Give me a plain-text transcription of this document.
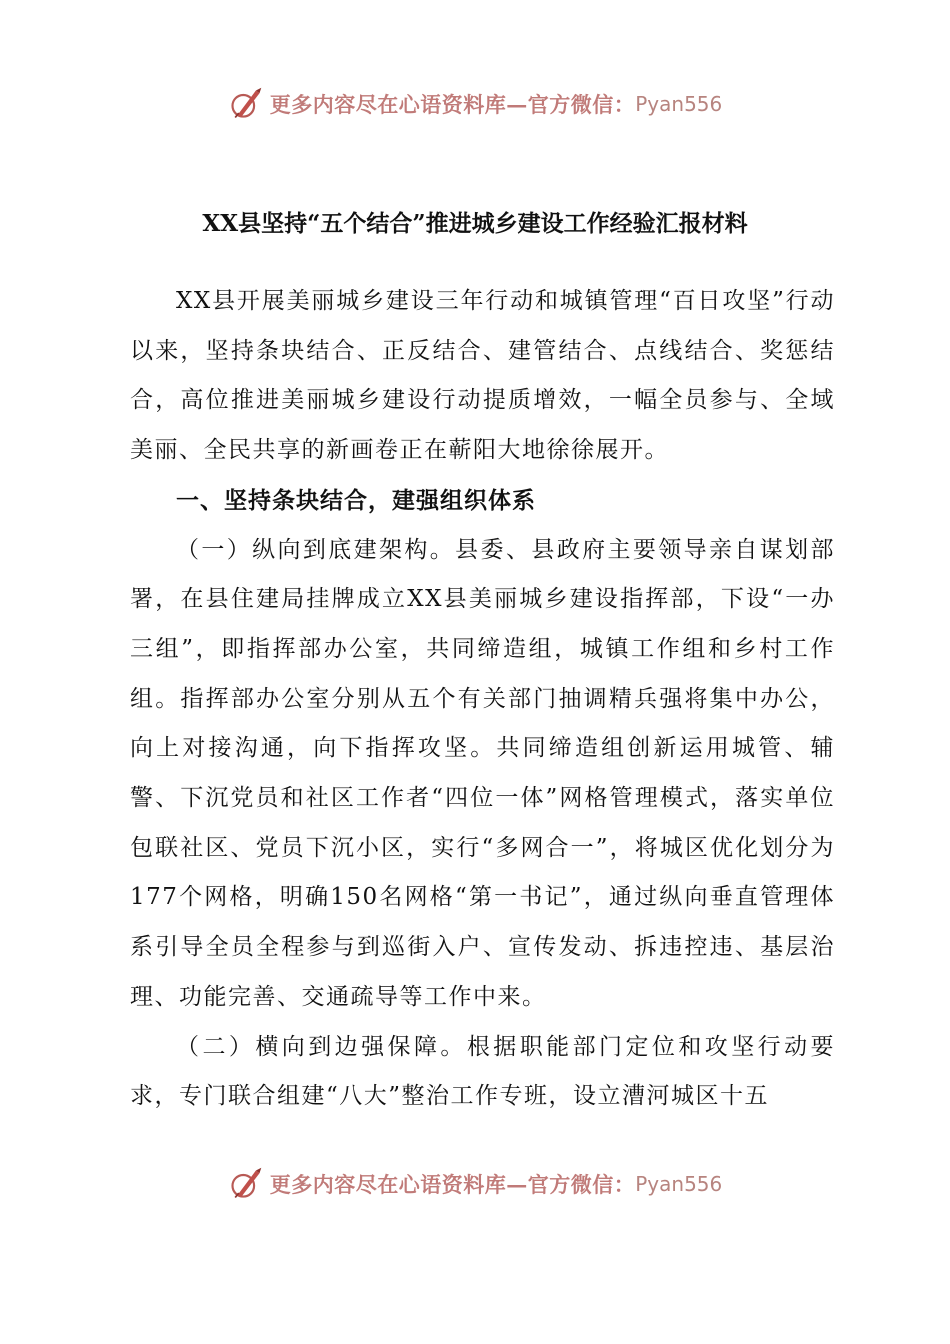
更多内容尽在心语资料库—官方微信： Pyan556
XX县坚持“五个结合”推进城乡建设工作经验汇报材料

XX县开展美丽城乡建设三年行动和城镇管理“百日攻坚”行动以来，坚持条块结合、正反结合、建管结合、点线结合、奖惩结合，高位推进美丽城乡建设行动提质增效，一幅全员参与、全域美丽、全民共享的新画卷正在蕲阳大地徐徐展开。

一、坚持条块结合，建强组织体系

（一）纵向到底建架构。县委、县政府主要领导亲自谋划部署，在县住建局挂牌成立XX县美丽城乡建设指挥部，下设“一办三组”，即指挥部办公室，共同缔造组，城镇工作组和乡村工作组。指挥部办公室分别从五个有关部门抽调精兵强将集中办公，向上对接沟通，向下指挥攻坚。共同缔造组创新运用城管、辅警、下沉党员和社区工作者“四位一体”网格管理模式，落实单位包联社区、党员下沉小区，实行“多网合一”，将城区优化划分为177个网格，明确150名网格“第一书记”，通过纵向垂直管理体系引导全员全程参与到巡街入户、宣传发动、拆违控违、基层治理、功能完善、交通疏导等工作中来。

（二）横向到边强保障。根据职能部门定位和攻坚行动要求，专门联合组建“八大”整治工作专班，设立漕河城区十五

更多内容尽在心语资料库—官方微信： Pyan556
